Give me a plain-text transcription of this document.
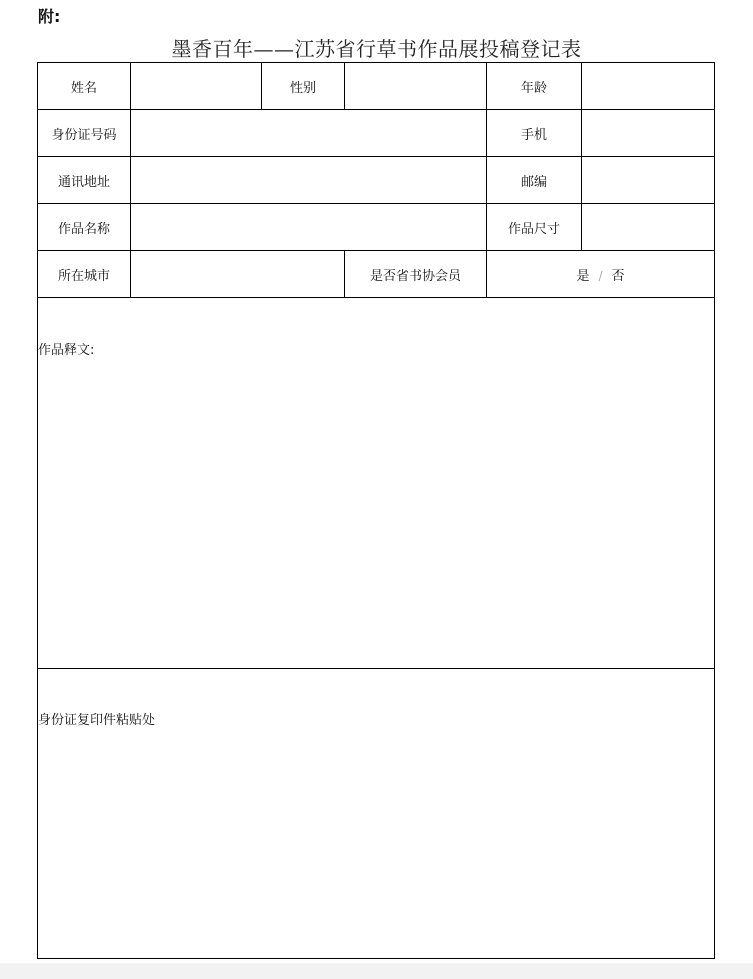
附:
墨香百年——江苏省行草书作品展投稿登记表
姓名		性别		年龄	
身份证号码				手机	
通讯地址				邮编	
作品名称				作品尺寸	
所在城市			是否省书协会员	是 / 否	

作品释文:					

身份证复印件粘贴处					
